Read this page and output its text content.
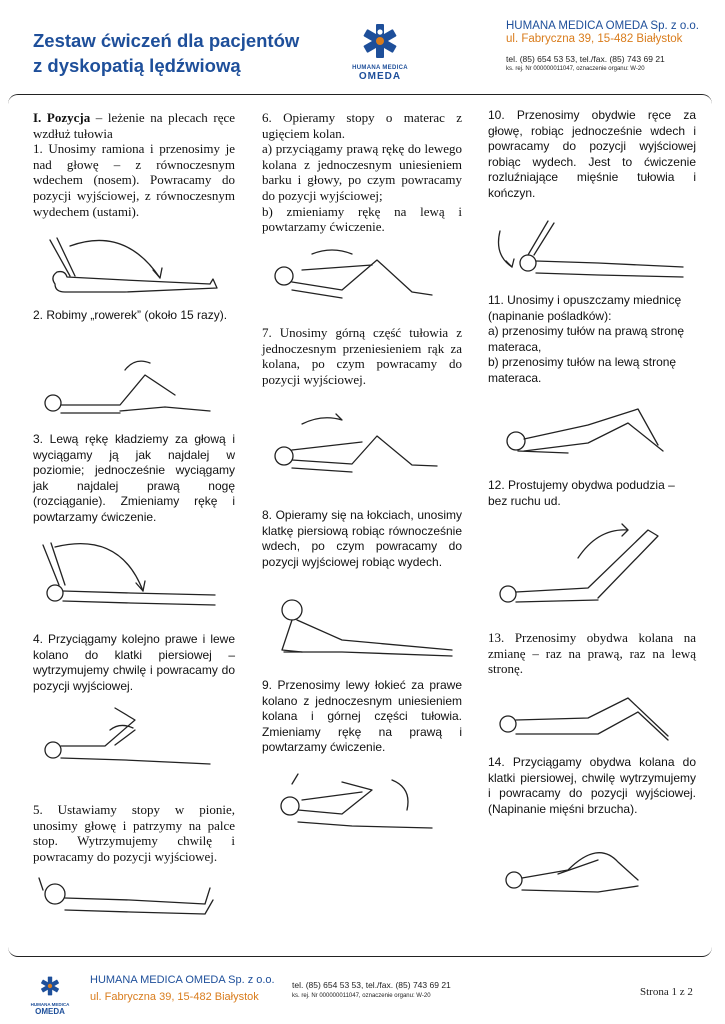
Zestaw ćwiczeń dla pacjentów
z dyskopatią lędźwiową	HUMANA MEDICA
OMEDA
HUMANA MEDICA OMEDA Sp. z o.o.
ul. Fabryczna 39, 15-482 Białystok
tel. (85) 654 53 53, tel./fax. (85) 743 69 21
ks. rej. Nr 000000011047, oznaczenie organu: W-20
I. Pozycja – leżenie na plecach ręce wzdłuż tułowia
1. Unosimy ramiona i przenosimy je nad głowę – z równoczesnym wdechem (nosem). Powracamy do pozycji wyjściowej, z równoczesnym wydechem (ustami).
2. Robimy „rowerek” (około 15 razy).
3. Lewą rękę kładziemy za głową i wyciągamy ją jak najdalej w poziomie; jednocześnie wyciągamy jak najdalej prawą nogę (rozciąganie). Zmieniamy rękę i powtarzamy ćwiczenie.
4. Przyciągamy kolejno prawe i lewe kolano do klatki piersiowej – wytrzymujemy chwilę i powracamy do pozycji wyjściowej.
5. Ustawiamy stopy w pionie, unosimy głowę i patrzymy na palce stop. Wytrzymujemy chwilę i powracamy do pozycji wyjściowej.
6. Opieramy stopy o materac z ugięciem kolan.
a) przyciągamy prawą rękę do lewego kolana z jednoczesnym uniesieniem barku i głowy, po czym powracamy do pozycji wyjściowej;
b) zmieniamy rękę na lewą i powtarzamy ćwiczenie.
7. Unosimy górną część tułowia z jednoczesnym przeniesieniem rąk za kolana, po czym powracamy do pozycji wyjściowej.
8. Opieramy się na łokciach, unosimy klatkę piersiową robiąc równocześnie wdech, po czym powracamy do pozycji wyjściowej robiąc wydech.
9. Przenosimy lewy łokieć za prawe kolano z jednoczesnym uniesieniem kolana i górnej części tułowia. Zmieniamy rękę na prawą i powtarzamy ćwiczenie.
10. Przenosimy obydwie ręce za głowę, robiąc jednocześnie wdech i powracamy do pozycji wyjściowej robiąc wydech. Jest to ćwiczenie rozluźniające mięśnie tułowia i kończyn.
11. Unosimy i opuszczamy miednicę (napinanie pośladków):
a) przenosimy tułów na prawą stronę materaca,
b) przenosimy tułów na lewą stronę materaca.
12. Prostujemy obydwa podudzia – bez ruchu ud.
13. Przenosimy obydwa kolana na zmianę – raz na prawą, raz na lewą stronę.
14. Przyciągamy obydwa kolana do klatki piersiowej, chwilę wytrzymujemy i powracamy do pozycji wyjściowej. (Napinanie mięśni brzucha).
HUMANA MEDICA
OMEDA
HUMANA MEDICA OMEDA Sp. z o.o.
ul. Fabryczna 39, 15-482 Białystok
tel. (85) 654 53 53, tel./fax. (85) 743 69 21
ks. rej. Nr 000000011047, oznaczenie organu: W-20	Strona 1 z 2
